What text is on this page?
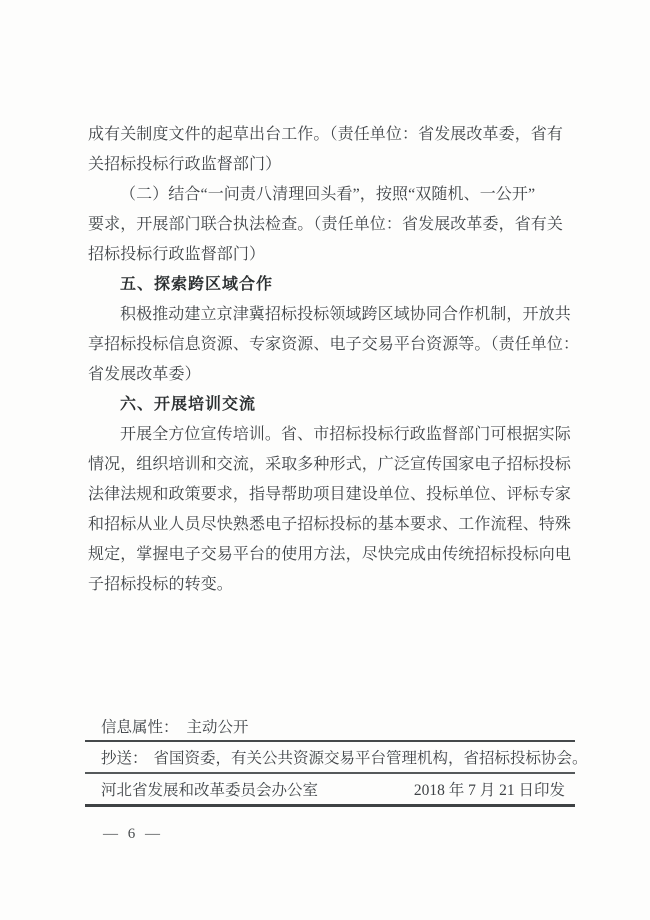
成有关制度文件的起草出台工作。（责任单位：省发展改革委，省有
关招标投标行政监督部门）
（二）结合“一问责八清理回头看”，按照“双随机、一公开”
要求，开展部门联合执法检查。（责任单位：省发展改革委，省有关
招标投标行政监督部门）
五、探索跨区域合作
积极推动建立京津冀招标投标领域跨区域协同合作机制，开放共
享招标投标信息资源、专家资源、电子交易平台资源等。（责任单位：
省发展改革委）
六、开展培训交流
开展全方位宣传培训。省、市招标投标行政监督部门可根据实际
情况，组织培训和交流，采取多种形式，广泛宣传国家电子招标投标
法律法规和政策要求，指导帮助项目建设单位、投标单位、评标专家
和招标从业人员尽快熟悉电子招标投标的基本要求、工作流程、特殊
规定，掌握电子交易平台的使用方法，尽快完成由传统招标投标向电
子招标投标的转变。
信息属性： 主动公开
抄送： 省国资委，有关公共资源交易平台管理机构，省招标投标协会。
河北省发展和改革委员会办公室	2018 年 7 月 21 日印发
— 6 —
